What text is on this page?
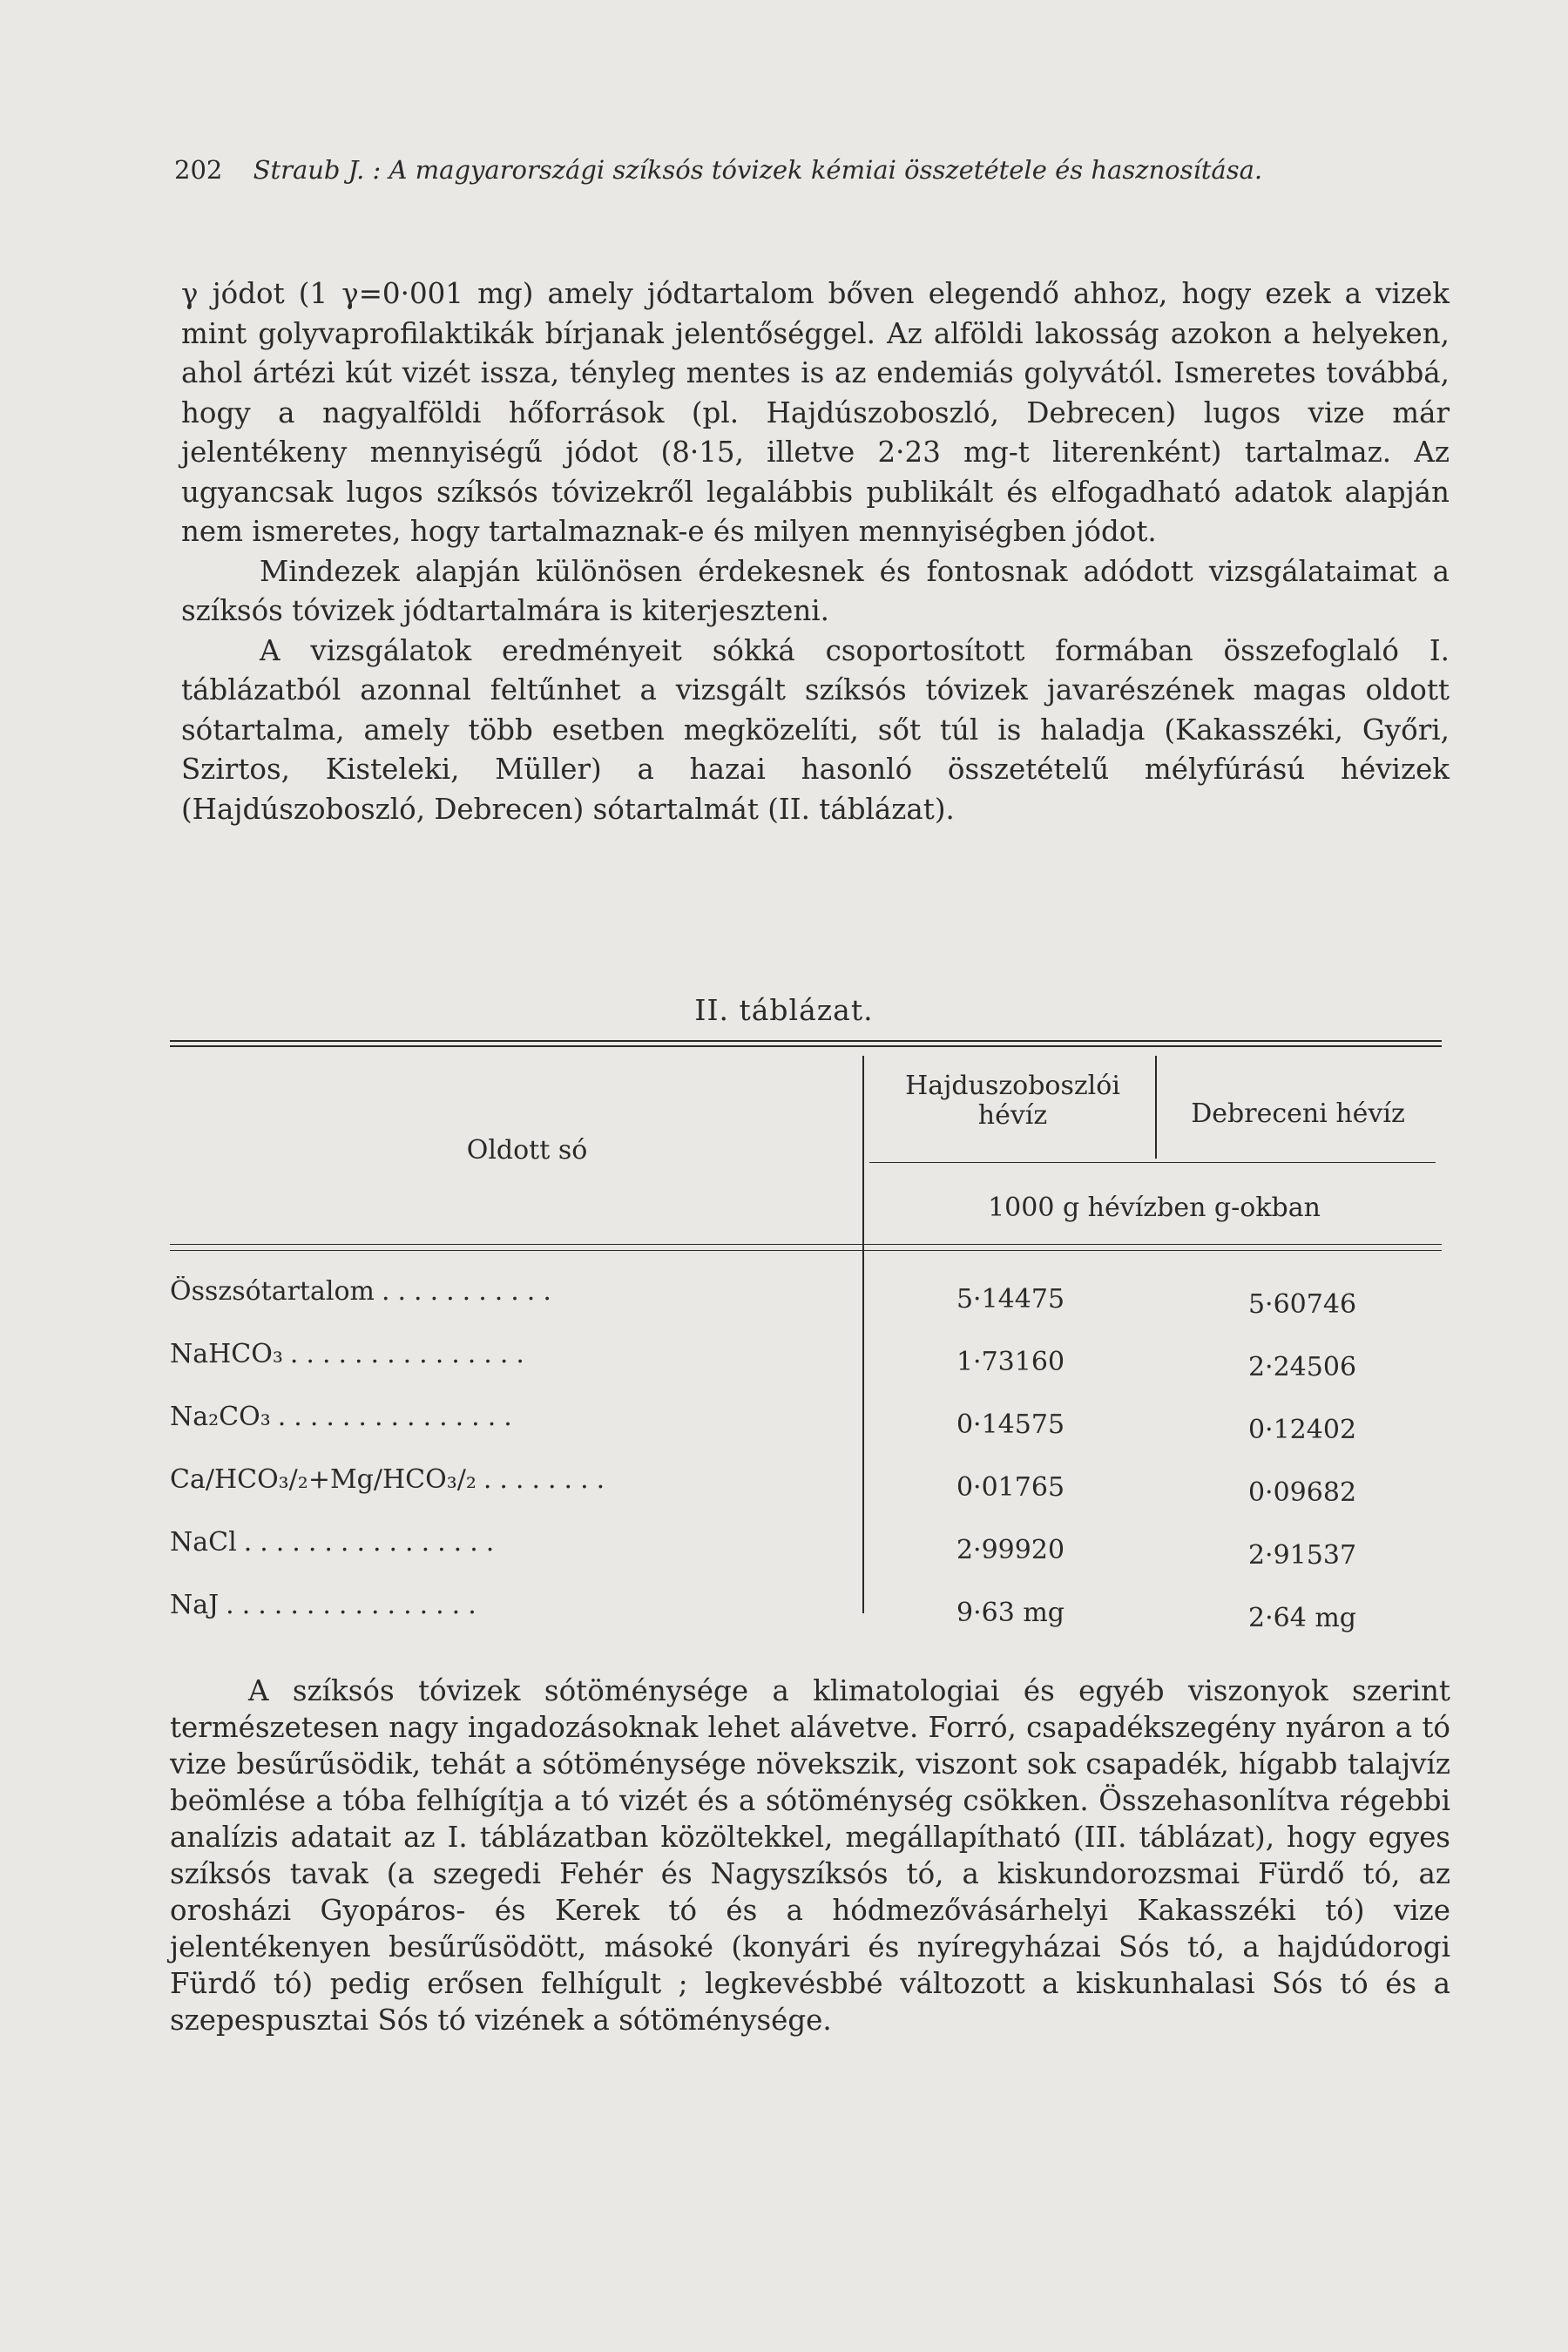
202 Straub J. : A magyarországi szíksós tóvizek kémiai összetétele és hasznosítása.

γ jódot (1 γ=0·001 mg) amely jódtartalom bőven elegendő ahhoz, hogy ezek a vizek mint golyvaprofilaktikák bírjanak jelentőséggel. Az alföldi lakosság azokon a helyeken, ahol ártézi kút vizét issza, tényleg mentes is az endemiás golyvától. Ismeretes továbbá, hogy a nagyalföldi hőforrások (pl. Hajdúszoboszló, Debrecen) lugos vize már jelentékeny mennyiségű jódot (8·15, illetve 2·23 mg-t literenként) tartalmaz. Az ugyancsak lugos szíksós tóvizekről legalábbis publikált és elfogadható adatok alapján nem ismeretes, hogy tartalmaznak-e és milyen mennyiségben jódot.

Mindezek alapján különösen érdekesnek és fontosnak adódott vizsgálataimat a szíksós tóvizek jódtartalmára is kiterjeszteni.

A vizsgálatok eredményeit sókká csoportosított formában összefoglaló I. táblázatból azonnal feltűnhet a vizsgált szíksós tóvizek javarészének magas oldott sótartalma, amely több esetben megközelíti, sőt túl is haladja (Kakasszéki, Győri, Szirtos, Kisteleki, Müller) a hazai hasonló összetételű mélyfúrású hévizek (Hajdúszoboszló, Debrecen) sótartalmát (II. táblázat).

II. táblázat.
Oldott só
Hajduszoboszlói hévíz	Debreceni hévíz
1000 g hévízben g-okban
Összsótartalom ...........	5·14475	5·60746
NaHCO₃ ...............	1·73160	2·24506
Na₂CO₃ ...............	0·14575	0·12402
Ca/HCO₃/₂+Mg/HCO₃/₂ ........	0·01765	0·09682
NaCl ................	2·99920	2·91537
NaJ ................	9·63 mg	2·64 mg

A szíksós tóvizek sótöménysége a klimatologiai és egyéb viszonyok szerint természetesen nagy ingadozásoknak lehet alávetve. Forró, csapadékszegény nyáron a tó vize besűrűsödik, tehát a sótöménysége növekszik, viszont sok csapadék, hígabb talajvíz beömlése a tóba felhígítja a tó vizét és a sótöménység csökken. Összehasonlítva régebbi analízis adatait az I. táblázatban közöltekkel, megállapítható (III. táblázat), hogy egyes szíksós tavak (a szegedi Fehér és Nagyszíksós tó, a kiskundorozsmai Fürdő tó, az orosházi Gyopáros- és Kerek tó és a hódmezővásárhelyi Kakasszéki tó) vize jelentékenyen besűrűsödött, másoké (konyári és nyíregyházai Sós tó, a hajdúdorogi Fürdő tó) pedig erősen felhígult ; legkevésbbé változott a kiskunhalasi Sós tó és a szepespusztai Sós tó vizének a sótöménysége.
